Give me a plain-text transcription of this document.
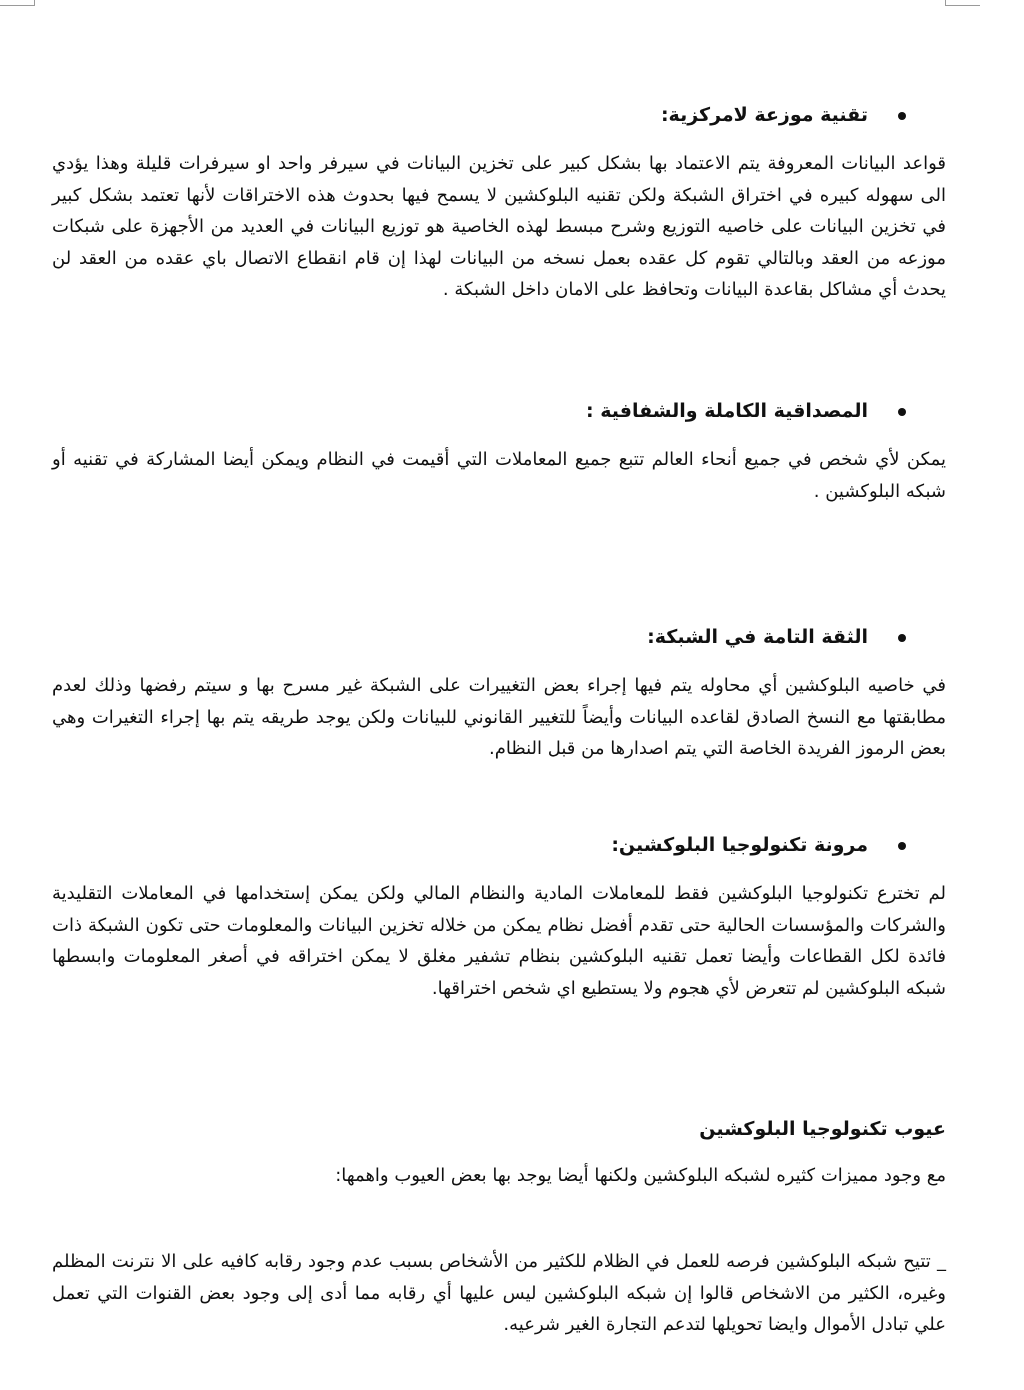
تقنية موزعة لامركزية:

قواعد البيانات المعروفة يتم الاعتماد بها بشكل كبير على تخزين البيانات في سيرفر واحد او سيرفرات قليلة وهذا يؤدي الى سهوله كبيره في اختراق الشبكة ولكن تقنيه البلوكشين لا يسمح فيها بحدوث هذه الاختراقات لأنها تعتمد بشكل كبير في تخزين البيانات على خاصيه التوزيع وشرح مبسط لهذه الخاصية هو توزيع البيانات في العديد من الأجهزة على شبكات موزعه من العقد وبالتالي تقوم كل عقده بعمل نسخه من البيانات لهذا إن قام انقطاع الاتصال باي عقده من العقد لن يحدث أي مشاكل بقاعدة البيانات وتحافظ على الامان داخل الشبكة .

المصداقية الكاملة والشفافية :

يمكن لأي شخص في جميع أنحاء العالم تتبع جميع المعاملات التي أقيمت في النظام ويمكن أيضا المشاركة في تقنيه أو شبكه البلوكشين .

الثقة التامة في الشبكة:

في خاصيه البلوكشين أي محاوله يتم فيها إجراء بعض التغييرات على الشبكة غير مسرح بها و سيتم رفضها وذلك لعدم مطابقتها مع النسخ الصادق لقاعده البيانات وأيضاً للتغيير القانوني للبيانات ولكن يوجد طريقه يتم بها إجراء التغيرات وهي بعض الرموز الفريدة الخاصة التي يتم اصدارها من قبل النظام.

مرونة تكنولوجيا البلوكشين:

لم تخترع تكنولوجيا البلوكشين فقط للمعاملات المادية والنظام المالي ولكن يمكن إستخدامها في المعاملات التقليدية والشركات والمؤسسات الحالية حتى تقدم أفضل نظام يمكن من خلاله تخزين البيانات والمعلومات حتى تكون الشبكة ذات فائدة لكل القطاعات وأيضا تعمل تقنيه البلوكشين بنظام تشفير مغلق لا يمكن اختراقه في أصغر المعلومات وابسطها شبكه البلوكشين لم تتعرض لأي هجوم ولا يستطيع اي شخص اختراقها.

عيوب تكنولوجيا البلوكشين

مع وجود مميزات كثيره لشبكه البلوكشين ولكنها أيضا يوجد بها بعض العيوب واهمها:

_ تتيح شبكه البلوكشين فرصه للعمل في الظلام للكثير من الأشخاص بسبب عدم وجود رقابه كافيه على الا نترنت المظلم وغيره، الكثير من الاشخاص قالوا إن شبكه البلوكشين ليس عليها أي رقابه مما أدى إلى وجود بعض القنوات التي تعمل علي تبادل الأموال وايضا تحويلها لتدعم التجارة الغير شرعيه.
